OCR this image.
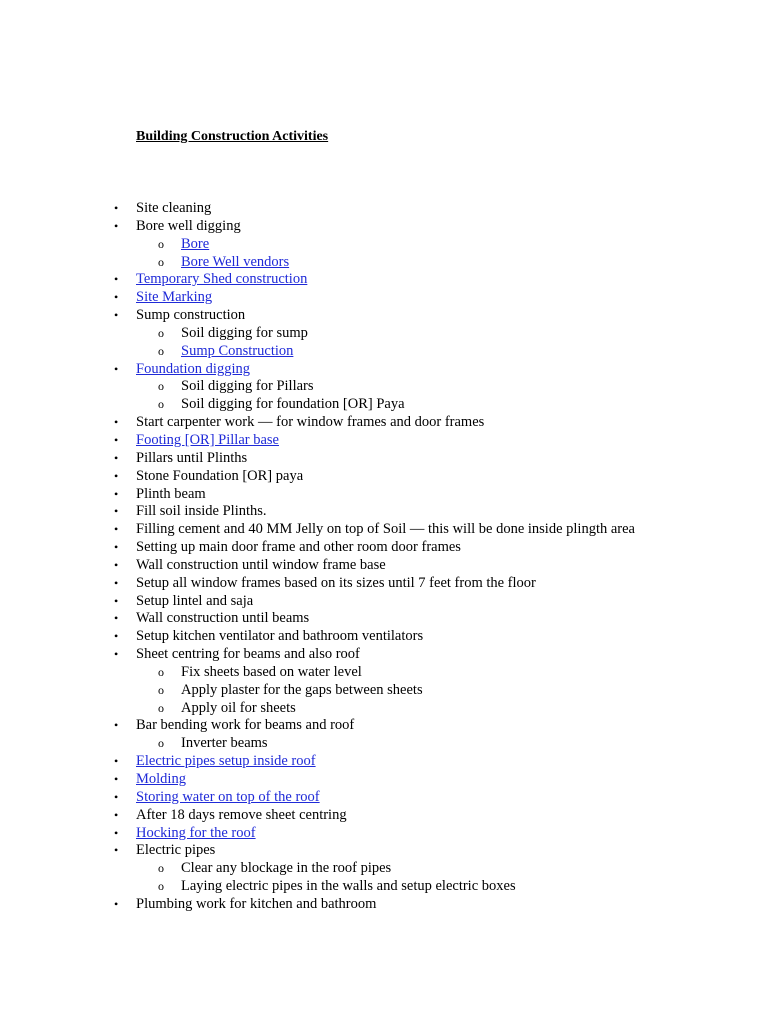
Building Construction Activities
• Site cleaning
• Bore well digging
o Bore
o Bore Well vendors
• Temporary Shed construction
• Site Marking
• Sump construction
o Soil digging for sump
o Sump Construction
• Foundation digging
o Soil digging for Pillars
o Soil digging for foundation [OR] Paya
• Start carpenter work — for window frames and door frames
• Footing [OR] Pillar base
• Pillars until Plinths
• Stone Foundation [OR] paya
• Plinth beam
• Fill soil inside Plinths.
• Filling cement and 40 MM Jelly on top of Soil — this will be done inside plingth area
• Setting up main door frame and other room door frames
• Wall construction until window frame base
• Setup all window frames based on its sizes until 7 feet from the floor
• Setup lintel and saja
• Wall construction until beams
• Setup kitchen ventilator and bathroom ventilators
• Sheet centring for beams and also roof
o Fix sheets based on water level
o Apply plaster for the gaps between sheets
o Apply oil for sheets
• Bar bending work for beams and roof
o Inverter beams
• Electric pipes setup inside roof
• Molding
• Storing water on top of the roof
• After 18 days remove sheet centring
• Hocking for the roof
• Electric pipes
o Clear any blockage in the roof pipes
o Laying electric pipes in the walls and setup electric boxes
• Plumbing work for kitchen and bathroom
